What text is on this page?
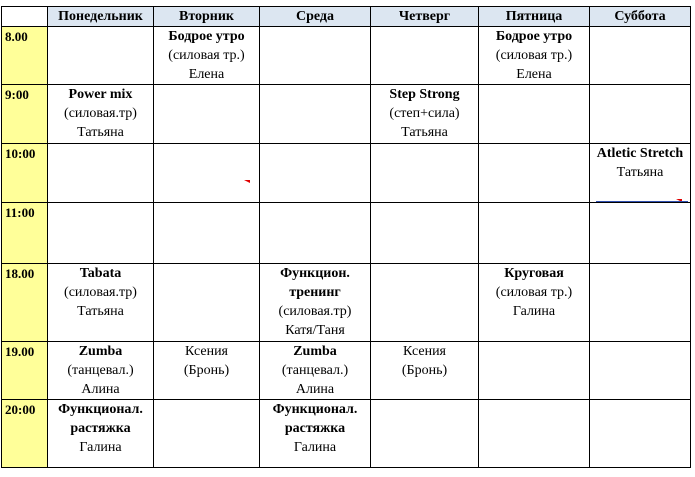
	Понедельник	Вторник	Среда	Четверг	Пятница	Суббота
8.00		Бодрое утро
(силовая тр.)
Елена			Бодрое утро
(силовая тр.)
Елена	

9:00	Power mix
(силовая.тр)
Татьяна			Step Strong
(степ+сила)
Татьяна		

10:00						Atletic Stretch
Татьяна

11:00						
18.00	Tabata
(силовая.тр)
Татьяна		Функцион. тренинг
(силовая.тр)
Катя/Таня		Круговая
(силовая тр.)
Галина	

19.00	Zumba
(танцевал.)
Алина	Ксения
(Бронь)	Zumba
(танцевал.)
Алина	Ксения
(Бронь)		

20:00	Функционал. растяжка
Галина		Функционал. растяжка
Галина			
